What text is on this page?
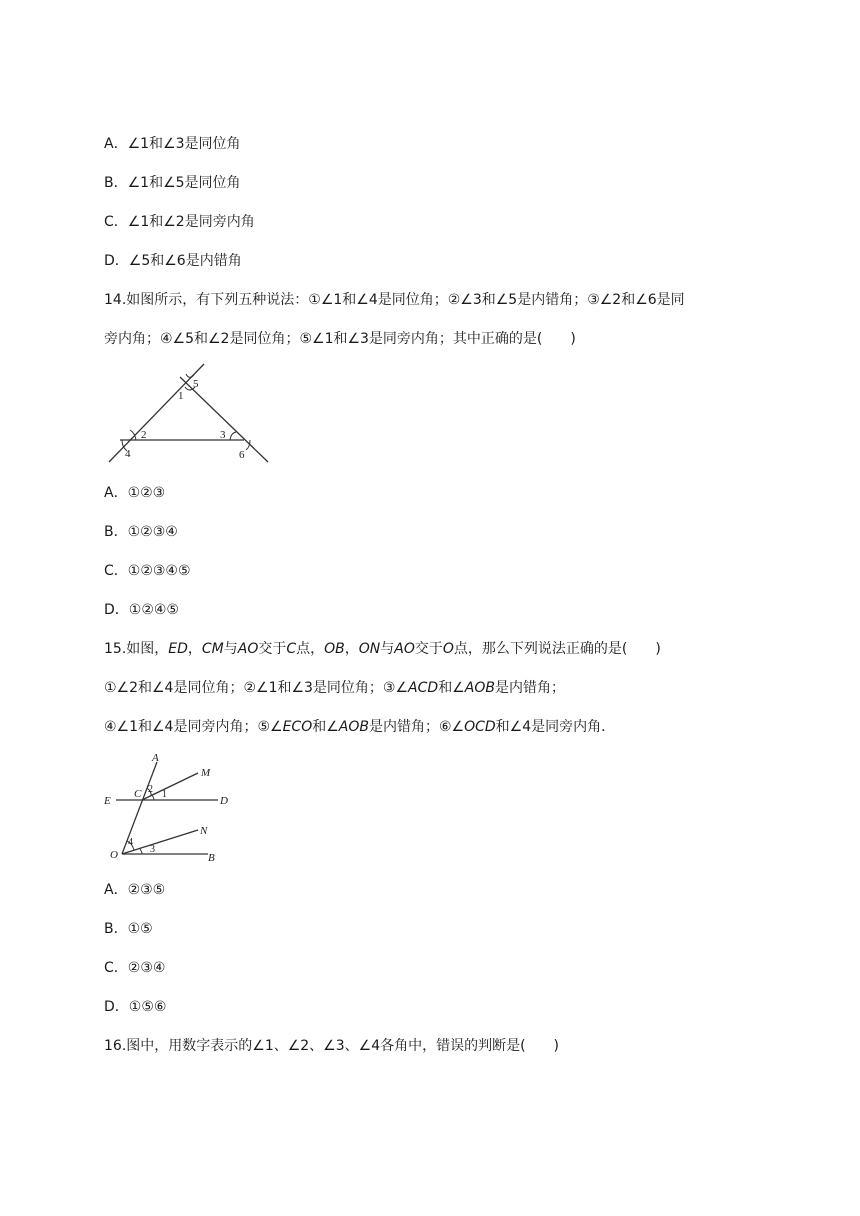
A．∠1和∠3是同位角
B．∠1和∠5是同位角
C．∠1和∠2是同旁内角
D．∠5和∠6是内错角
14.如图所示，有下列五种说法：①∠1和∠4是同位角；②∠3和∠5是内错角；③∠2和∠6是同
旁内角；④∠5和∠2是同位角；⑤∠1和∠3是同旁内角；其中正确的是(　　)
5
1
2	3
4	6
A．①②③
B．①②③④
C．①②③④⑤
D．①②④⑤
15.如图，ED，CM与AO交于C点，OB，ON与AO交于O点，那么下列说法正确的是(　　)
①∠2和∠4是同位角；②∠1和∠3是同位角；③∠ACD和∠AOB是内错角；
④∠1和∠4是同旁内角；⑤∠ECO和∠AOB是内错角；⑥∠OCD和∠4是同旁内角．
A
M
E
C 2 1
D
N
4
3
O	B
A．②③⑤
B．①⑤
C．②③④
D．①⑤⑥
16.图中，用数字表示的∠1、∠2、∠3、∠4各角中，错误的判断是(　　)
